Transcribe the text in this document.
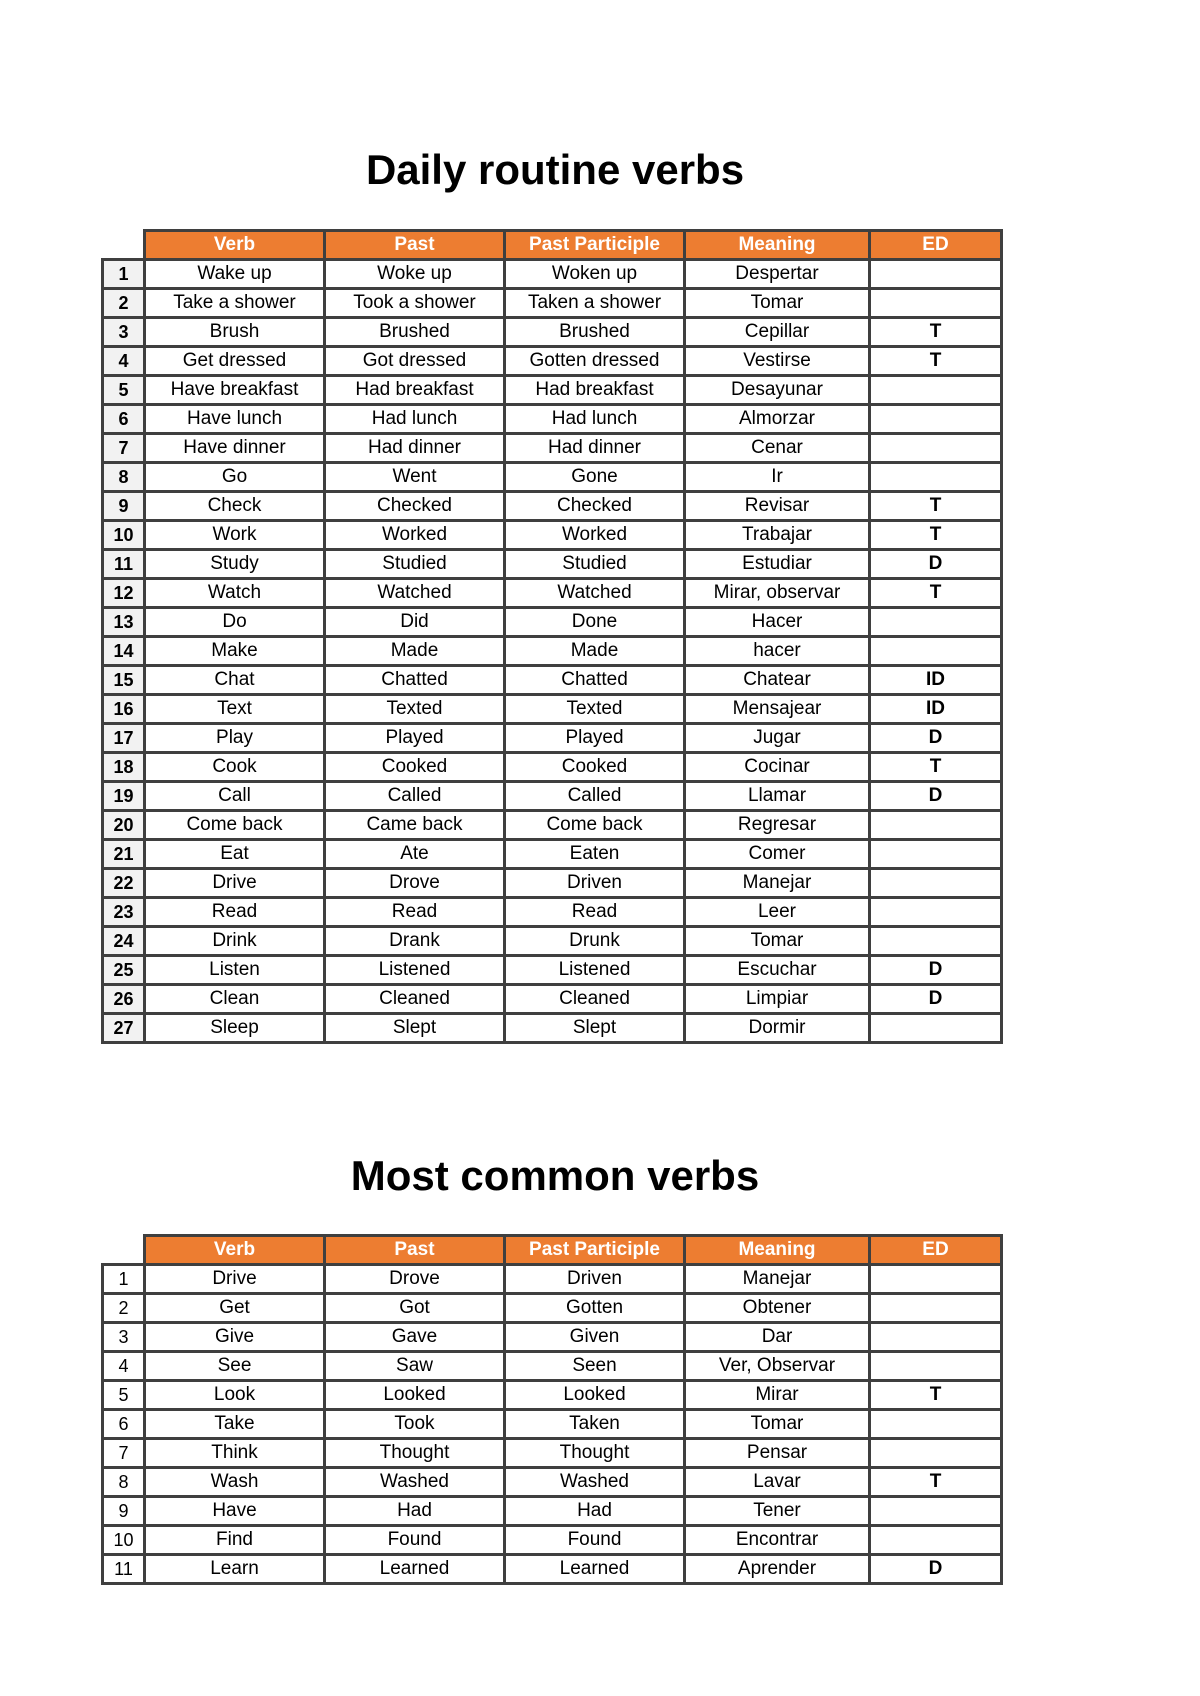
Daily routine verbs
	Verb	Past	Past Participle	Meaning	ED
1	Wake up	Woke up	Woken up	Despertar	
2	Take a shower	Took a shower	Taken a shower	Tomar	
3	Brush	Brushed	Brushed	Cepillar	T
4	Get dressed	Got dressed	Gotten dressed	Vestirse	T
5	Have breakfast	Had breakfast	Had breakfast	Desayunar	
6	Have lunch	Had lunch	Had lunch	Almorzar	
7	Have dinner	Had dinner	Had dinner	Cenar	
8	Go	Went	Gone	Ir	
9	Check	Checked	Checked	Revisar	T
10	Work	Worked	Worked	Trabajar	T
11	Study	Studied	Studied	Estudiar	D
12	Watch	Watched	Watched	Mirar, observar	T
13	Do	Did	Done	Hacer	
14	Make	Made	Made	hacer	
15	Chat	Chatted	Chatted	Chatear	ID
16	Text	Texted	Texted	Mensajear	ID
17	Play	Played	Played	Jugar	D
18	Cook	Cooked	Cooked	Cocinar	T
19	Call	Called	Called	Llamar	D
20	Come back	Came back	Come back	Regresar	
21	Eat	Ate	Eaten	Comer	
22	Drive	Drove	Driven	Manejar	
23	Read	Read	Read	Leer	
24	Drink	Drank	Drunk	Tomar	
25	Listen	Listened	Listened	Escuchar	D
26	Clean	Cleaned	Cleaned	Limpiar	D
27	Sleep	Slept	Slept	Dormir	
Most common verbs
	Verb	Past	Past Participle	Meaning	ED
1	Drive	Drove	Driven	Manejar	
2	Get	Got	Gotten	Obtener	
3	Give	Gave	Given	Dar	
4	See	Saw	Seen	Ver, Observar	
5	Look	Looked	Looked	Mirar	T
6	Take	Took	Taken	Tomar	
7	Think	Thought	Thought	Pensar	
8	Wash	Washed	Washed	Lavar	T
9	Have	Had	Had	Tener	
10	Find	Found	Found	Encontrar	
11	Learn	Learned	Learned	Aprender	D
